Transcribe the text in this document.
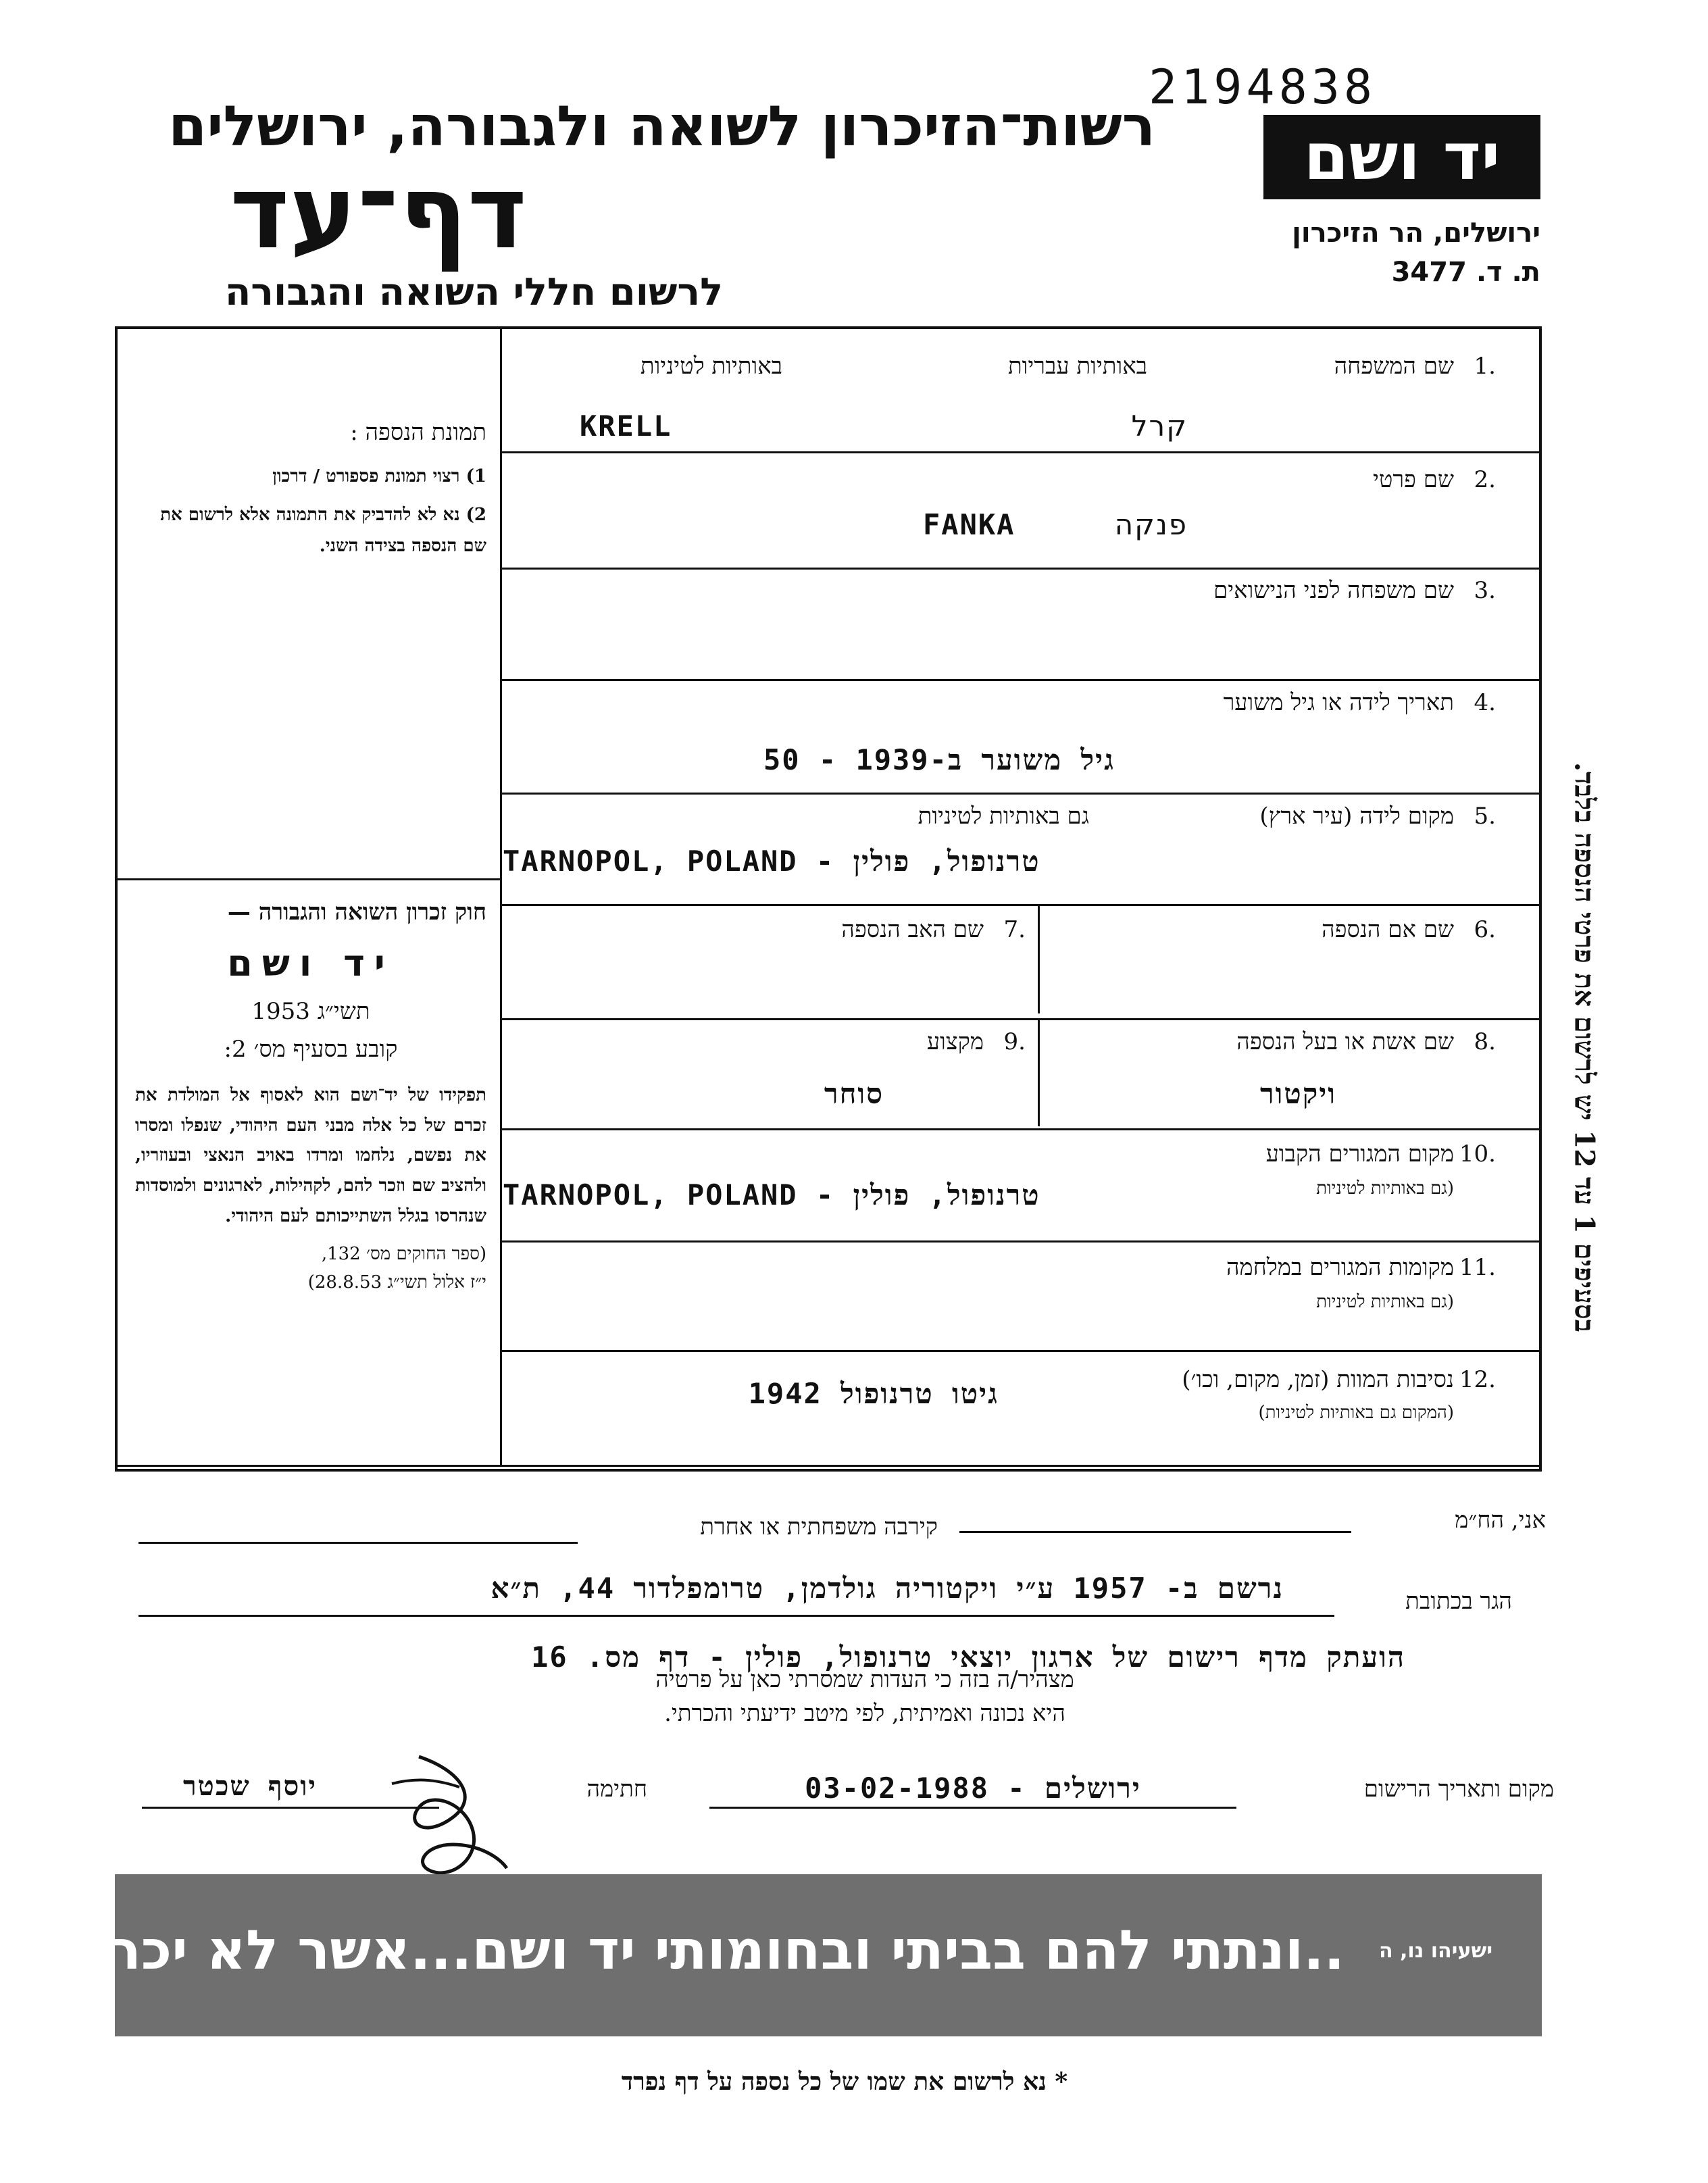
2194838
רשות־הזיכרון לשואה ולגבורה, ירושלים
דף־עד
לרשום חללי השואה והגבורה
יד ושם
ירושלים, הר הזיכרון
ת. ד. 3477
תמונת הנספה :
1) רצוי תמונת פספורט / דרכון
2) נא לא להדביק את התמונה אלא לרשום את שם הנספה בצידה השני.
חוק זכרון השואה והגבורה —
יד ושם
תשי״ג 1953
קובע בסעיף מס׳ 2:
תפקידו של יד־ושם הוא לאסוף אל המולדת את זכרם של כל אלה מבני העם היהודי, שנפלו ומסרו את נפשם, נלחמו ומרדו באויב הנאצי ובעוזריו, ולהציב שם וזכר להם, לקהילות, לארגונים ולמוסדות שנהרסו בגלל השתייכותם לעם היהודי.
(ספר החוקים מס׳ 132,
י״ז אלול תשי״ג 28.8.53)
1.
שם המשפחה
באותיות עבריות
באותיות לטיניות
קרל
KRELL
2.
שם פרטי
פנקה
FANKA
3.
שם משפחה לפני הנישואים
4.
תאריך לידה או גיל משוער
גיל משוער ב-1939 - 50
5.
מקום לידה (עיר ארץ)
גם באותיות לטיניות
TARNOPOL, POLAND - טרנופול, פולין
6.
שם אם הנספה
7.
שם האב הנספה
8.
שם אשת או בעל הנספה
9.
מקצוע
ויקטור
סוחר
10.
מקום המגורים הקבוע
(גם באותיות לטיניות
TARNOPOL, POLAND - טרנופול, פולין
11.
מקומות המגורים במלחמה
(גם באותיות לטיניות
12.
נסיבות המוות (זמן, מקום, וכו׳)
(המקום גם באותיות לטיניות)
גיטו טרנופול 1942
בסעיפים 1 עד 12 יש לרשום את פרטי הנספה בלבד.
אני, הח״מ
קירבה משפחתית או אחרת
הגר בכתובת
נרשם ב- 1957 ע״י ויקטוריה גולדמן, טרומפלדור 44, ת״א
הועתק מדף רישום של ארגון יוצאי טרנופול, פולין - דף מס. 16
מצהיר/ה בזה כי העדות שמסרתי כאן על פרטיה
היא נכונה ואמיתית, לפי מיטב ידיעתי והכרתי.
מקום ותאריך הרישום
ירושלים - 03-02-1988
חתימה
יוסף שכטר
..ונתתי להם בביתי ובחומותי יד ושם...אשר לא יכרת:	ישעיהו נו, ה
* נא לרשום את שמו של כל נספה על דף נפרד
